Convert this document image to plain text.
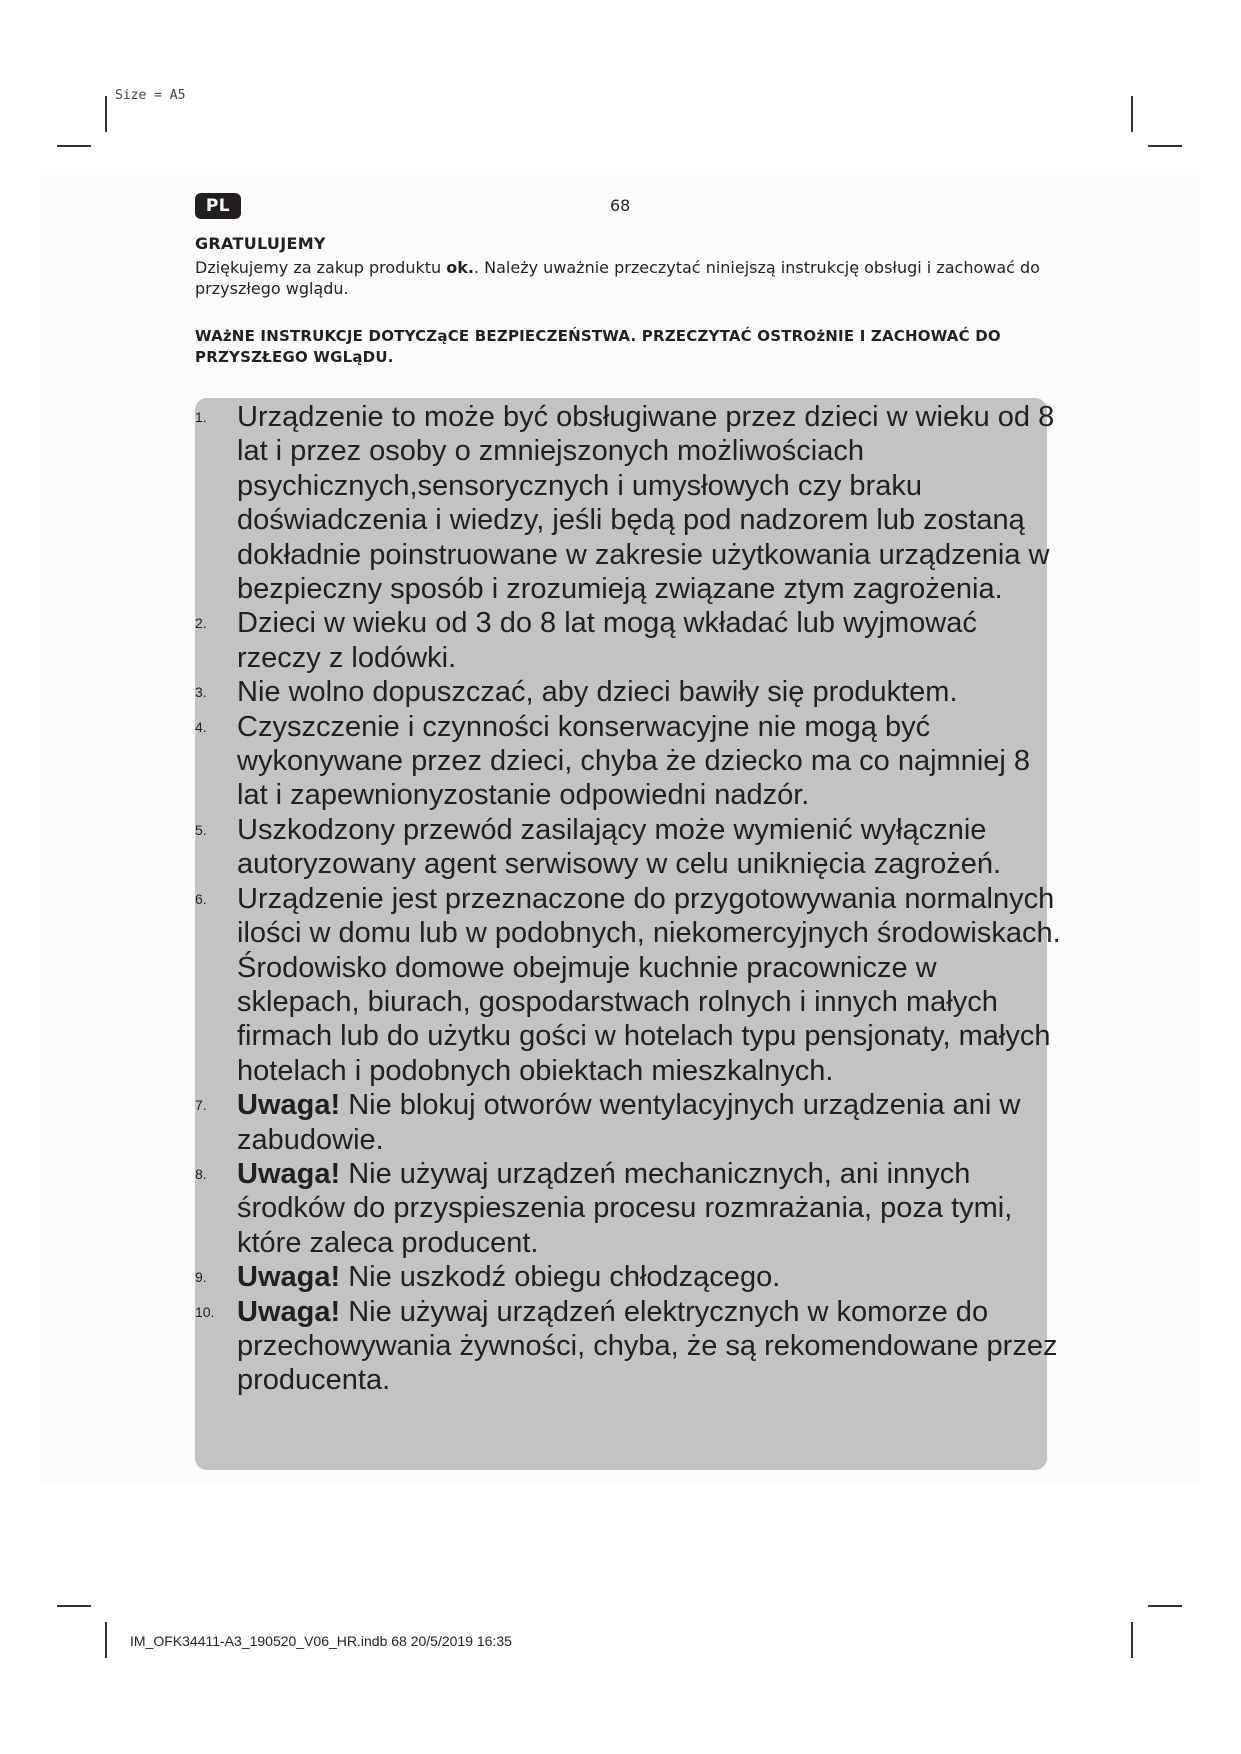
Size = A5
PL	68
GRATULUJEMY
Dziękujemy za zakup produktu ok.. Należy uważnie przeczytać niniejszą instrukcję obsługi i zachować do przyszłego wglądu.
WAżNE INSTRUKCJE DOTYCZąCE BEZPIECZEŃSTWA. PRZECZYTAĆ OSTROżNIE I ZACHOWAĆ DO PRZYSZŁEGO WGLąDU.
1. Urządzenie to może być obsługiwane przez dzieci w wieku od 8 lat i przez osoby o zmniejszonych możliwościach psychicznych,sensorycznych i umysłowych czy braku doświadczenia i wiedzy, jeśli będą pod nadzorem lub zostaną dokładnie poinstruowane w zakresie użytkowania urządzenia w bezpieczny sposób i zrozumieją związane ztym zagrożenia.
2. Dzieci w wieku od 3 do 8 lat mogą wkładać lub wyjmować rzeczy z lodówki.
3. Nie wolno dopuszczać, aby dzieci bawiły się produktem.
4. Czyszczenie i czynności konserwacyjne nie mogą być wykonywane przez dzieci, chyba że dziecko ma co najmniej 8 lat i zapewnionyzostanie odpowiedni nadzór.
5. Uszkodzony przewód zasilający może wymienić wyłącznie autoryzowany agent serwisowy w celu uniknięcia zagrożeń.
6. Urządzenie jest przeznaczone do przygotowywania normalnych ilości w domu lub w podobnych, niekomercyjnych środowiskach. Środowisko domowe obejmuje kuchnie pracownicze w sklepach, biurach, gospodarstwach rolnych i innych małych firmach lub do użytku gości w hotelach typu pensjonaty, małych hotelach i podobnych obiektach mieszkalnych.
7. Uwaga! Nie blokuj otworów wentylacyjnych urządzenia ani w zabudowie.
8. Uwaga! Nie używaj urządzeń mechanicznych, ani innych środków do przyspieszenia procesu rozmrażania, poza tymi, które zaleca producent.
9. Uwaga! Nie uszkodź obiegu chłodzącego.
10. Uwaga! Nie używaj urządzeń elektrycznych w komorze do przechowywania żywności, chyba, że są rekomendowane przez producenta.
IM_OFK34411-A3_190520_V06_HR.indb 68 20/5/2019 16:35
